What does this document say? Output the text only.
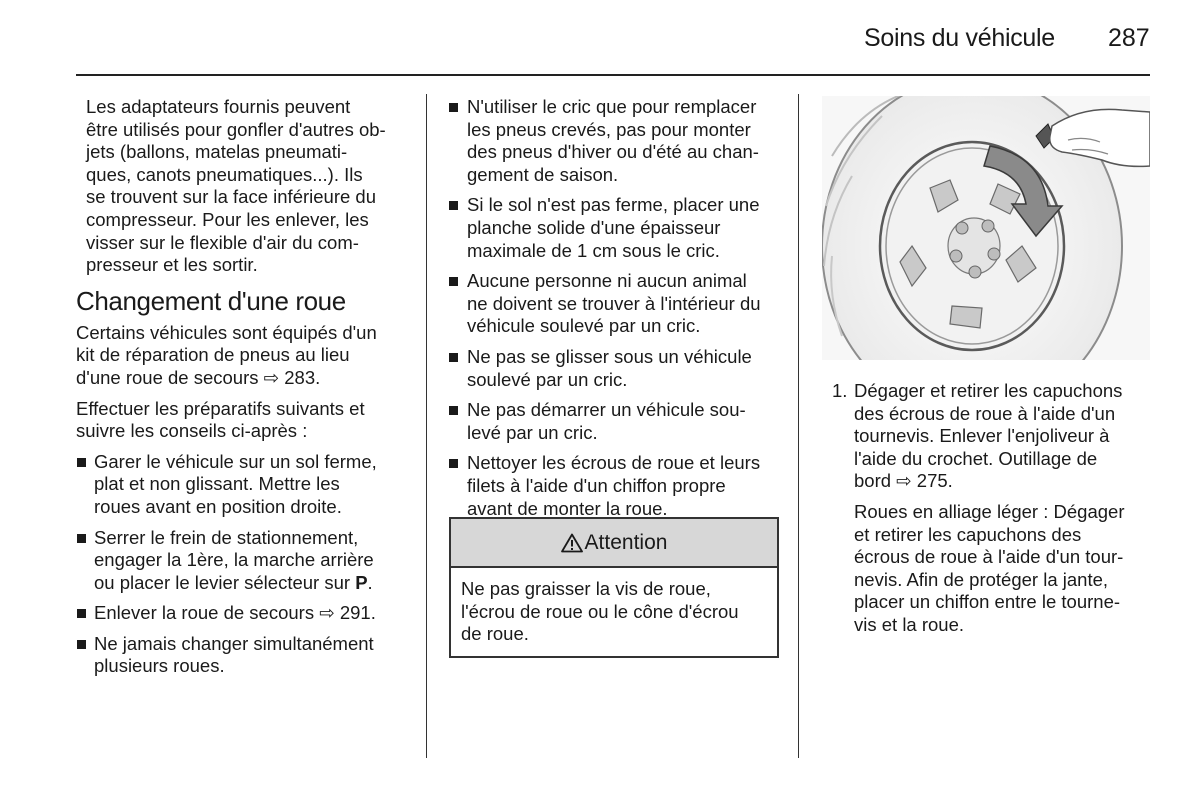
Soins du véhicule 287

Les adaptateurs fournis peuvent

être utilisés pour gonfler d'autres ob-

jets (ballons, matelas pneumati-

ques, canots pneumatiques...). Ils

se trouvent sur la face inférieure du

compresseur. Pour les enlever, les

visser sur le flexible d'air du com-

presseur et les sortir.

Changement d'une roue

Certains véhicules sont équipés d'un

kit de réparation de pneus au lieu

d'une roue de secours ⇨ 283.

Effectuer les préparatifs suivants et

suivre les conseils ci-après :

Garer le véhicule sur un sol ferme,

plat et non glissant. Mettre les

roues avant en position droite.

Serrer le frein de stationnement,

engager la 1ère, la marche arrière

ou placer le levier sélecteur sur P.

Enlever la roue de secours ⇨ 291.

Ne jamais changer simultanément

plusieurs roues.

N'utiliser le cric que pour remplacer

les pneus crevés, pas pour monter

des pneus d'hiver ou d'été au chan-

gement de saison.

Si le sol n'est pas ferme, placer une

planche solide d'une épaisseur

maximale de 1 cm sous le cric.

Aucune personne ni aucun animal

ne doivent se trouver à l'intérieur du

véhicule soulevé par un cric.

Ne pas se glisser sous un véhicule

soulevé par un cric.

Ne pas démarrer un véhicule sou-

levé par un cric.

Nettoyer les écrous de roue et leurs

filets à l'aide d'un chiffon propre

avant de monter la roue.

Attention

Ne pas graisser la vis de roue,

l'écrou de roue ou le cône d'écrou

de roue.

1. Dégager et retirer les capuchons

des écrous de roue à l'aide d'un

tournevis. Enlever l'enjoliveur à

l'aide du crochet. Outillage de

bord ⇨ 275.

Roues en alliage léger : Dégager

et retirer les capuchons des

écrous de roue à l'aide d'un tour-

nevis. Afin de protéger la jante,

placer un chiffon entre le tourne-

vis et la roue.
